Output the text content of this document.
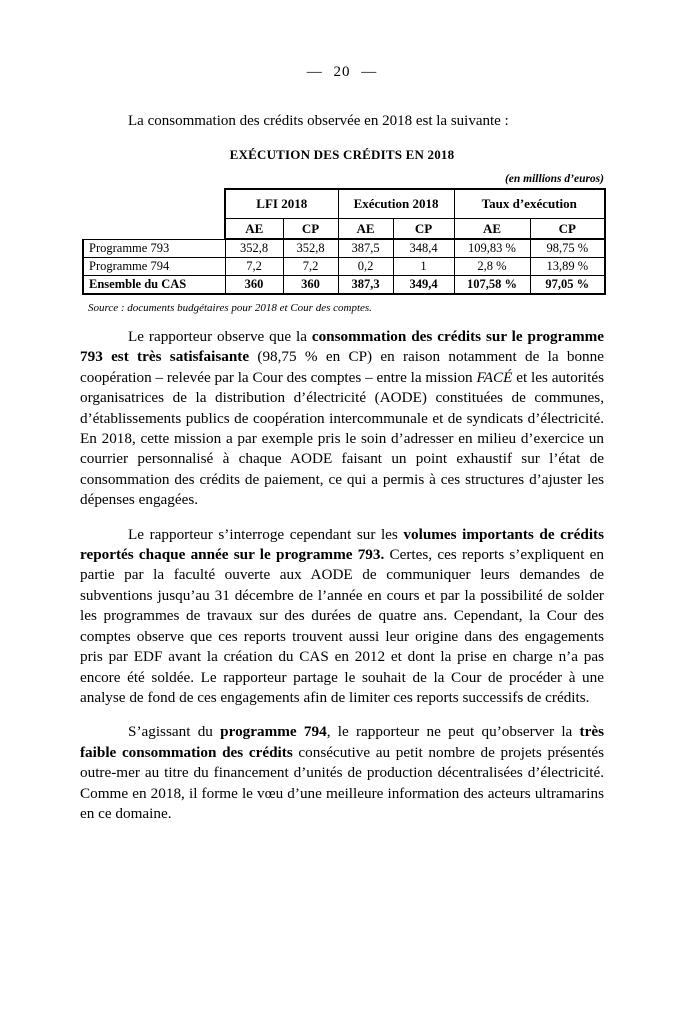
— 20 —

La consommation des crédits observée en 2018 est la suivante :

EXÉCUTION DES CRÉDITS EN 2018
(en millions d’euros)
	LFI 2018		Exécution 2018		Taux d’exécution	
	AE	CP	AE	CP	AE	CP
Programme 793	352,8	352,8	387,5	348,4	109,83 %	98,75 %
Programme 794	7,2	7,2	0,2	1	2,8 %	13,89 %
Ensemble du CAS	360	360	387,3	349,4	107,58 %	97,05 %
Source : documents budgétaires pour 2018 et Cour des comptes.

Le rapporteur observe que la consommation des crédits sur le programme 793 est très satisfaisante (98,75 % en CP) en raison notamment de la bonne coopération – relevée par la Cour des comptes – entre la mission FACÉ et les autorités organisatrices de la distribution d’électricité (AODE) constituées de communes, d’établissements publics de coopération intercommunale et de syndicats d’électricité. En 2018, cette mission a par exemple pris le soin d’adresser en milieu d’exercice un courrier personnalisé à chaque AODE faisant un point exhaustif sur l’état de consommation des crédits de paiement, ce qui a permis à ces structures d’ajuster les dépenses engagées.

Le rapporteur s’interroge cependant sur les volumes importants de crédits reportés chaque année sur le programme 793. Certes, ces reports s’expliquent en partie par la faculté ouverte aux AODE de communiquer leurs demandes de subventions jusqu’au 31 décembre de l’année en cours et par la possibilité de solder les programmes de travaux sur des durées de quatre ans. Cependant, la Cour des comptes observe que ces reports trouvent aussi leur origine dans des engagements pris par EDF avant la création du CAS en 2012 et dont la prise en charge n’a pas encore été soldée. Le rapporteur partage le souhait de la Cour de procéder à une analyse de fond de ces engagements afin de limiter ces reports successifs de crédits.

S’agissant du programme 794, le rapporteur ne peut qu’observer la très faible consommation des crédits consécutive au petit nombre de projets présentés outre-mer au titre du financement d’unités de production décentralisées d’électricité. Comme en 2018, il forme le vœu d’une meilleure information des acteurs ultramarins en ce domaine.
